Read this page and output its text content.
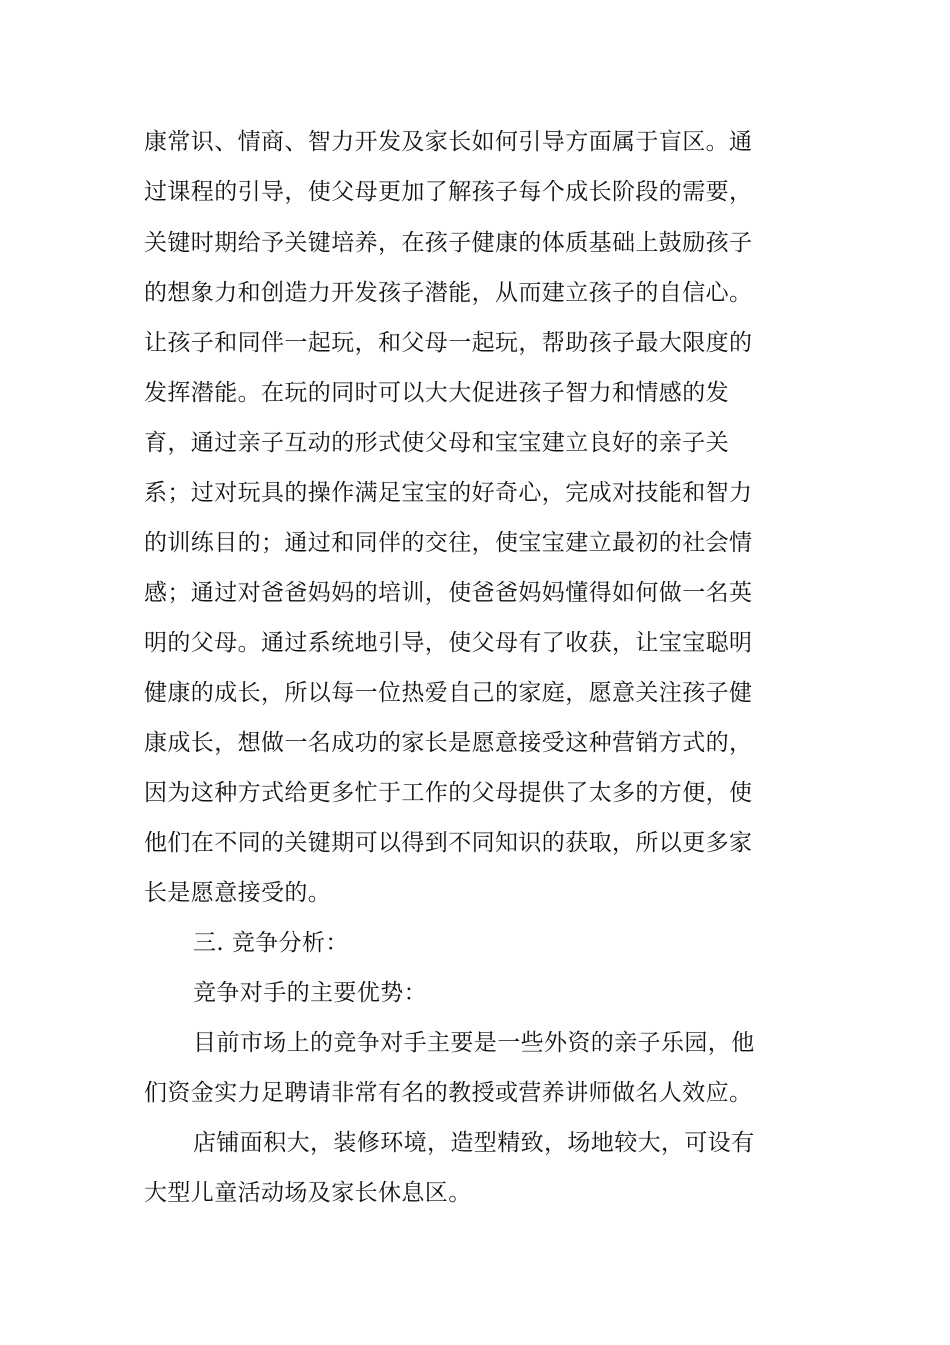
康常识、情商、智力开发及家长如何引导方面属于盲区。通
过课程的引导，使父母更加了解孩子每个成长阶段的需要，
关键时期给予关键培养，在孩子健康的体质基础上鼓励孩子
的想象力和创造力开发孩子潜能，从而建立孩子的自信心。
让孩子和同伴一起玩，和父母一起玩，帮助孩子最大限度的
发挥潜能。在玩的同时可以大大促进孩子智力和情感的发
育，通过亲子互动的形式使父母和宝宝建立良好的亲子关
系；过对玩具的操作满足宝宝的好奇心，完成对技能和智力
的训练目的；通过和同伴的交往，使宝宝建立最初的社会情
感；通过对爸爸妈妈的培训，使爸爸妈妈懂得如何做一名英
明的父母。通过系统地引导，使父母有了收获，让宝宝聪明
健康的成长，所以每一位热爱自己的家庭，愿意关注孩子健
康成长，想做一名成功的家长是愿意接受这种营销方式的，
因为这种方式给更多忙于工作的父母提供了太多的方便，使
他们在不同的关键期可以得到不同知识的获取，所以更多家
长是愿意接受的。
三. 竞争分析：
竞争对手的主要优势：
目前市场上的竞争对手主要是一些外资的亲子乐园，他
们资金实力足聘请非常有名的教授或营养讲师做名人效应。
店铺面积大，装修环境，造型精致，场地较大，可设有
大型儿童活动场及家长休息区。
